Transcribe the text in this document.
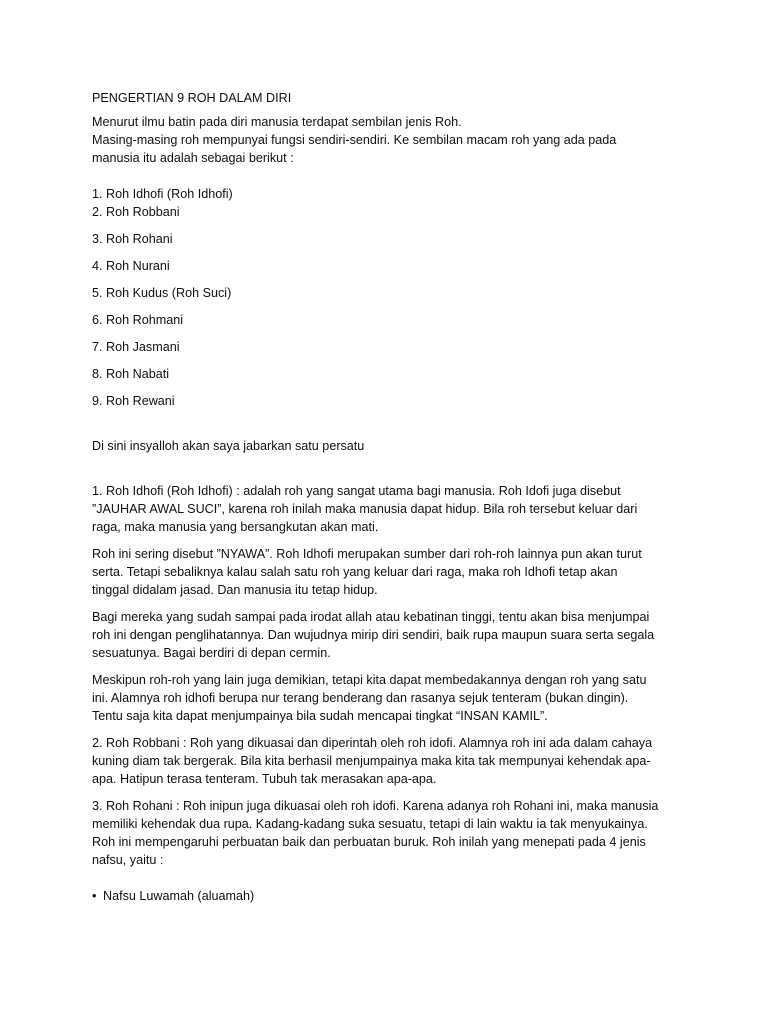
PENGERTIAN 9 ROH DALAM DIRI
Menurut ilmu batin pada diri manusia terdapat sembilan jenis Roh.
Masing-masing roh mempunyai fungsi sendiri-sendiri. Ke sembilan macam roh yang ada pada
manusia itu adalah sebagai berikut :
1. Roh Idhofi (Roh Idhofi)
2. Roh Robbani
3. Roh Rohani
4. Roh Nurani
5. Roh Kudus (Roh Suci)
6. Roh Rohmani
7. Roh Jasmani
8. Roh Nabati
9. Roh Rewani
Di sini insyalloh akan saya jabarkan satu persatu
1. Roh Idhofi (Roh Idhofi) : adalah roh yang sangat utama bagi manusia. Roh Idofi juga disebut
”JAUHAR AWAL SUCI”, karena roh inilah maka manusia dapat hidup. Bila roh tersebut keluar dari
raga, maka manusia yang bersangkutan akan mati.
Roh ini sering disebut ”NYAWA”. Roh Idhofi merupakan sumber dari roh-roh lainnya pun akan turut
serta. Tetapi sebaliknya kalau salah satu roh yang keluar dari raga, maka roh Idhofi tetap akan
tinggal didalam jasad. Dan manusia itu tetap hidup.
Bagi mereka yang sudah sampai pada irodat allah atau kebatinan tinggi, tentu akan bisa menjumpai
roh ini dengan penglihatannya. Dan wujudnya mirip diri sendiri, baik rupa maupun suara serta segala
sesuatunya. Bagai berdiri di depan cermin.
Meskipun roh-roh yang lain juga demikian, tetapi kita dapat membedakannya dengan roh yang satu
ini. Alamnya roh idhofi berupa nur terang benderang dan rasanya sejuk tenteram (bukan dingin).
Tentu saja kita dapat menjumpainya bila sudah mencapai tingkat “INSAN KAMIL”.
2. Roh Robbani : Roh yang dikuasai dan diperintah oleh roh idofi. Alamnya roh ini ada dalam cahaya
kuning diam tak bergerak. Bila kita berhasil menjumpainya maka kita tak mempunyai kehendak apa-
apa. Hatipun terasa tenteram. Tubuh tak merasakan apa-apa.
3. Roh Rohani : Roh inipun juga dikuasai oleh roh idofi. Karena adanya roh Rohani ini, maka manusia
memiliki kehendak dua rupa. Kadang-kadang suka sesuatu, tetapi di lain waktu ia tak menyukainya.
Roh ini mempengaruhi perbuatan baik dan perbuatan buruk. Roh inilah yang menepati pada 4 jenis
nafsu, yaitu :
• Nafsu Luwamah (aluamah)
